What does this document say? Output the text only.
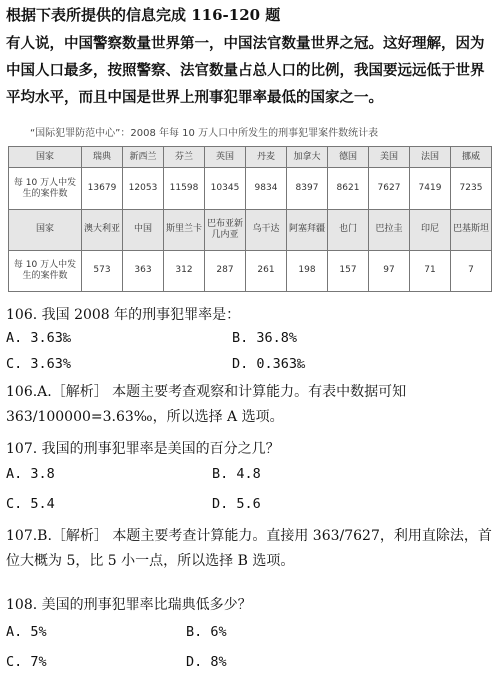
根据下表所提供的信息完成 116-120 题
有人说，中国警察数量世界第一，中国法官数量世界之冠。这好理解，因为中国人口最多，按照警察、法官数量占总人口的比例，我国要远远低于世界平均水平，而且中国是世界上刑事犯罪率最低的国家之一。
“国际犯罪防范中心”：2008 年每 10 万人口中所发生的刑事犯罪案件数统计表
国家	瑞典	新西兰	芬兰	英国	丹麦	加拿大	德国	美国	法国	挪威
每 10 万人中发生的案件数	13679	12053	11598	10345	9834	8397	8621	7627	7419	7235
国家	澳大利亚	中国	斯里兰卡	巴布亚新几内亚	乌干达	阿塞拜疆	也门	巴拉圭	印尼	巴基斯坦
每 10 万人中发生的案件数	573	363	312	287	261	198	157	97	71	7
106. 我国 2008 年的刑事犯罪率是：
A. 3.63‰	B. 36.8%
C. 3.63%	D. 0.363‰
106.A.［解析］ 本题主要考查观察和计算能力。有表中数据可知 363/100000=3.63‰，所以选择 A 选项。
107. 我国的刑事犯罪率是美国的百分之几？
A. 3.8	B. 4.8
C. 5.4	D. 5.6
107.B.［解析］ 本题主要考查计算能力。直接用 363/7627，利用直除法，首位大概为 5，比 5 小一点，所以选择 B 选项。
108. 美国的刑事犯罪率比瑞典低多少？
A. 5%	B. 6%
C. 7%	D. 8%
